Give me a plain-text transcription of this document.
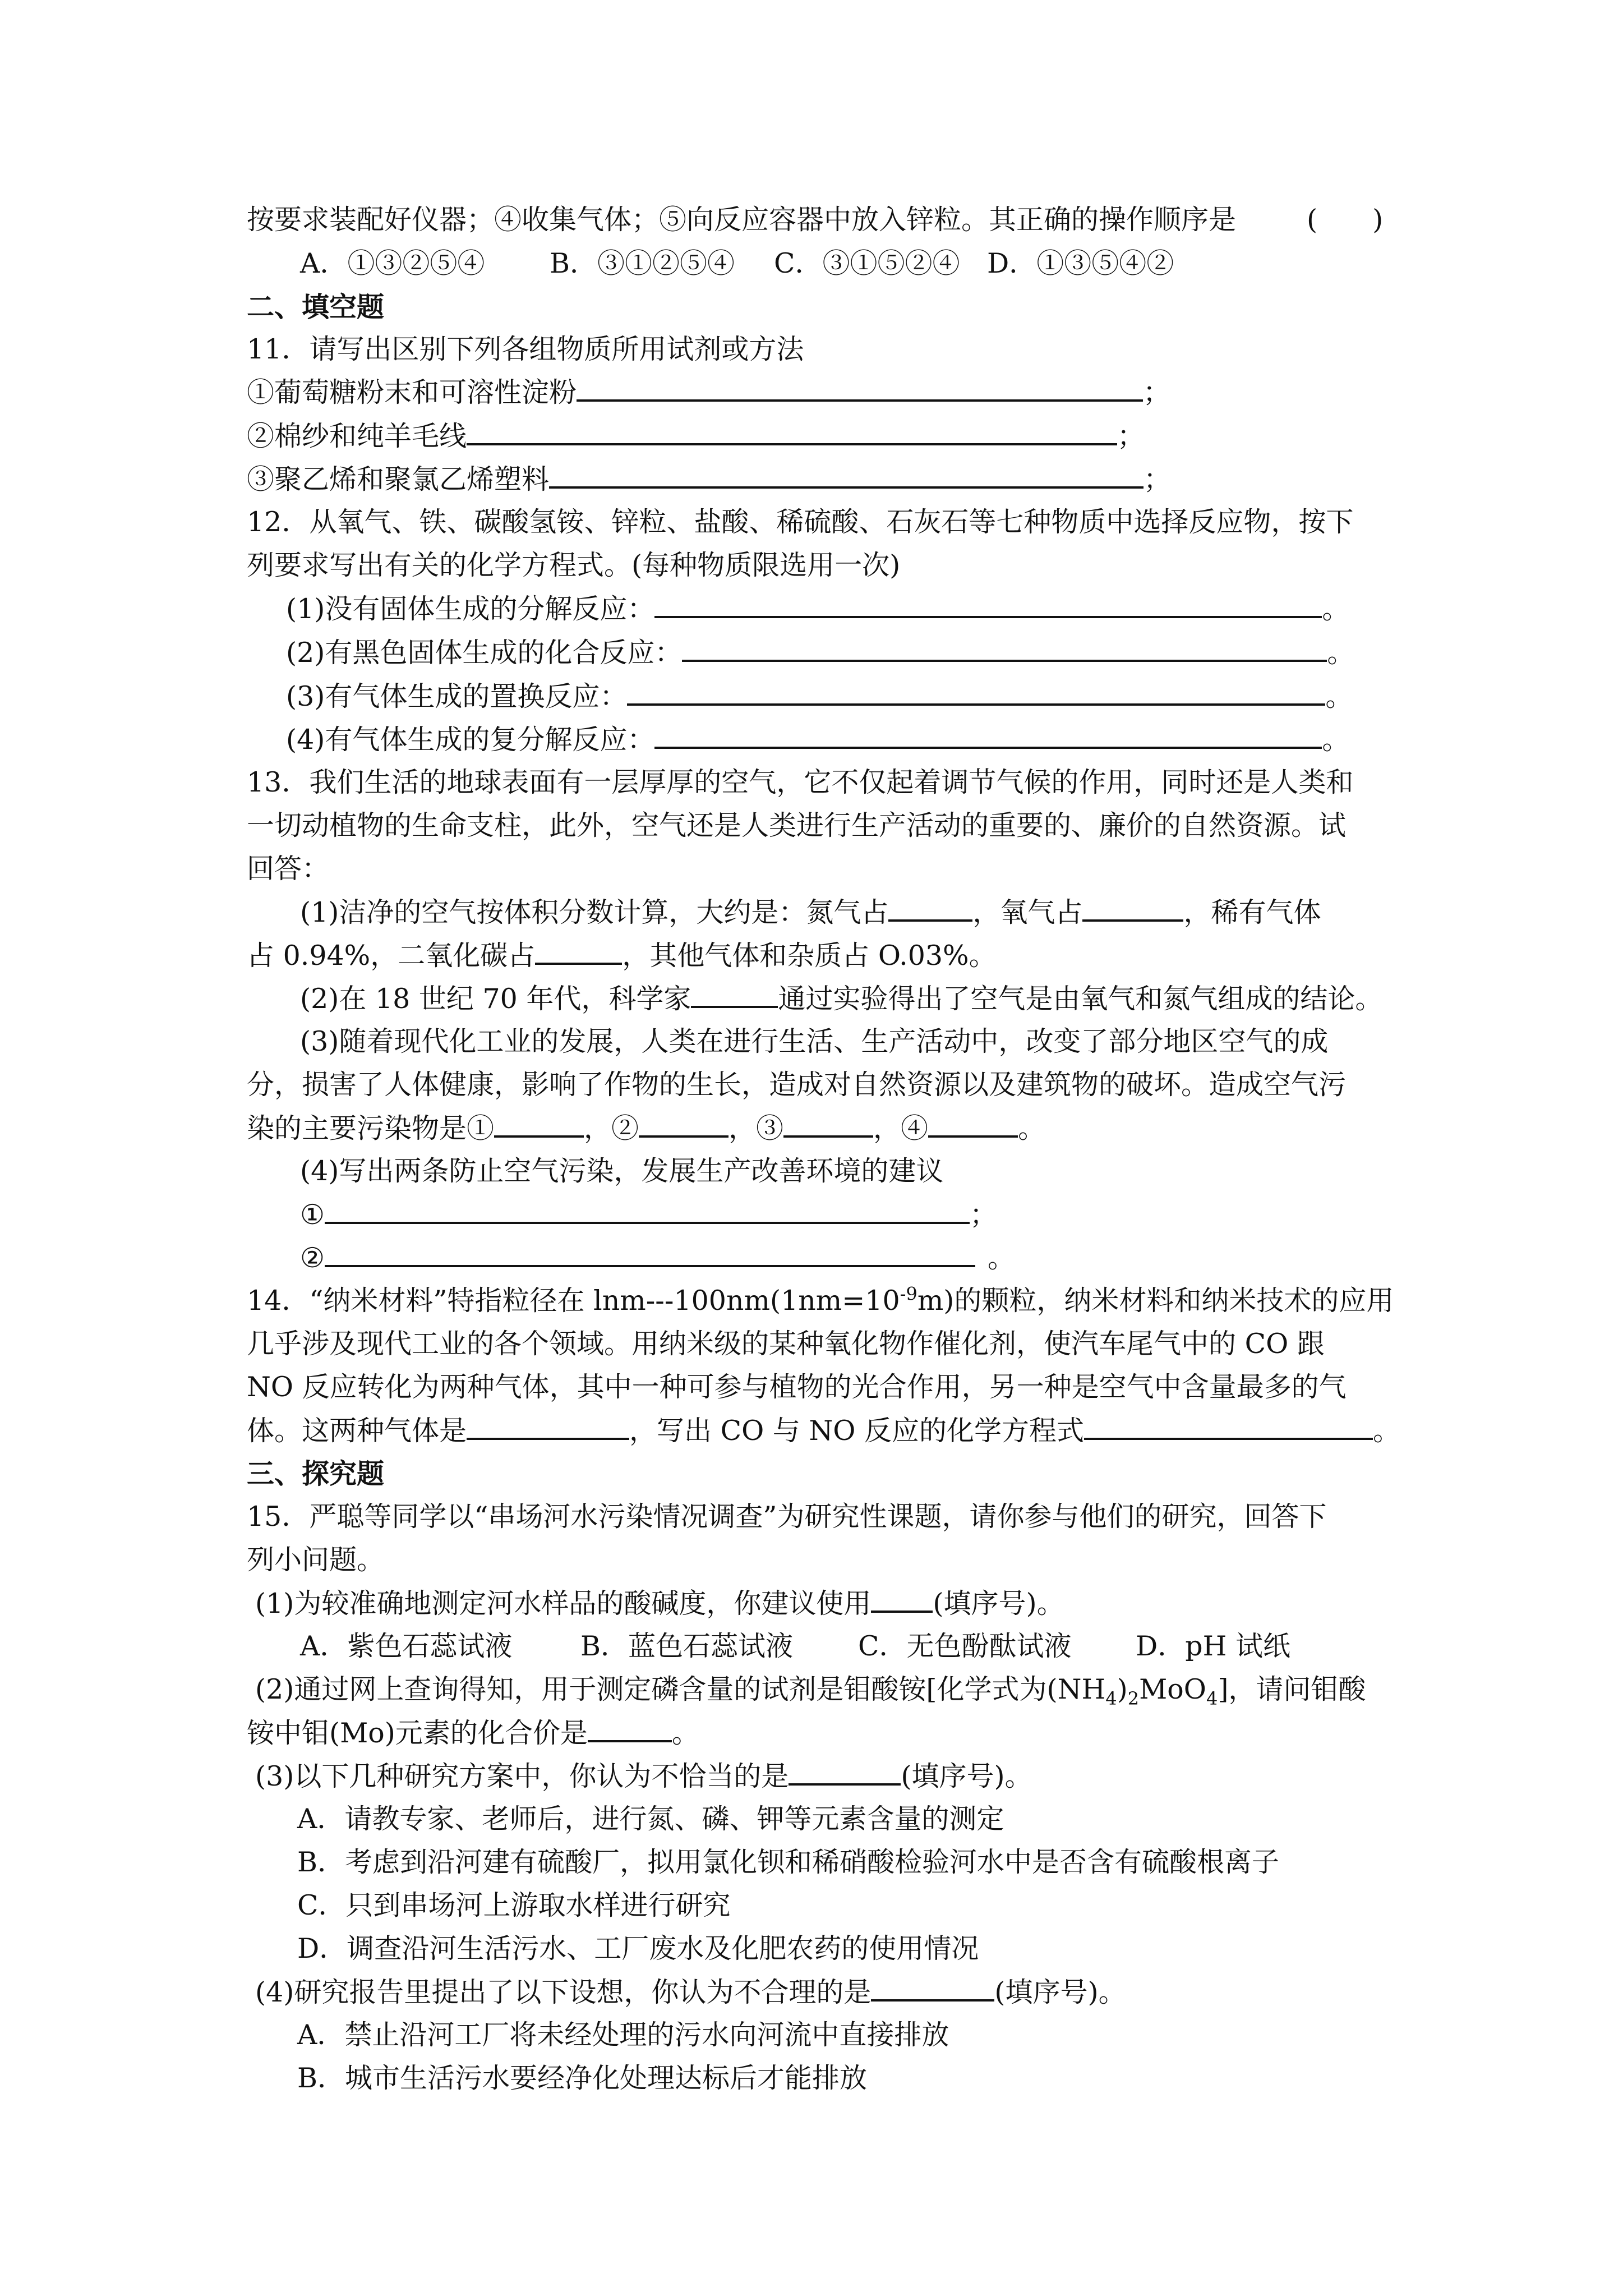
按要求装配好仪器；④收集气体；⑤向反应容器中放入锌粒。其正确的操作顺序是	(　　)
A．①③②⑤④ B．③①②⑤④ C．③①⑤②④ D．①③⑤④②
二、填空题
11．请写出区别下列各组物质所用试剂或方法
①葡萄糖粉末和可溶性淀粉	；
②棉纱和纯羊毛线	；
③聚乙烯和聚氯乙烯塑料	；
12．从氧气、铁、碳酸氢铵、锌粒、盐酸、稀硫酸、石灰石等七种物质中选择反应物，按下
列要求写出有关的化学方程式。(每种物质限选用一次)
(1)没有固体生成的分解反应：	。
(2)有黑色固体生成的化合反应：	。
(3)有气体生成的置换反应：	。
(4)有气体生成的复分解反应：	。
13．我们生活的地球表面有一层厚厚的空气，它不仅起着调节气候的作用，同时还是人类和
一切动植物的生命支柱，此外，空气还是人类进行生产活动的重要的、廉价的自然资源。试
回答：
(1)洁净的空气按体积分数计算，大约是：氮气占	，氧气占	，稀有气体
占 0.94%，二氧化碳占	，其他气体和杂质占 O.03%。
(2)在 18 世纪 70 年代，科学家	通过实验得出了空气是由氧气和氮气组成的结论。
(3)随着现代化工业的发展，人类在进行生活、生产活动中，改变了部分地区空气的成
分，损害了人体健康，影响了作物的生长，造成对自然资源以及建筑物的破坏。造成空气污
染的主要污染物是①	，②	，③	，④	。
(4)写出两条防止空气污染，发展生产改善环境的建议
①	；
②	。
14．“纳米材料”特指粒径在 lnm-$--100nm(1nm=10^{-9}m)$的颗粒，纳米材料和纳米技术的应用
几乎涉及现代工业的各个领域。用纳米级的某种氧化物作催化剂，使汽车尾气中的 CO 跟
NO 反应转化为两种气体，其中一种可参与植物的光合作用，另一种是空气中含量最多的气
体。这两种气体是	，写出 CO 与 NO 反应的化学方程式	。
三、探究题
15．严聪等同学以“串场河水污染情况调查”为研究性课题，请你参与他们的研究，回答下
列小问题。
(1)为较准确地测定河水样品的酸碱度，你建议使用 (填序号)。
A．紫色石蕊试液 B．蓝色石蕊试液 C．无色酚酞试液 D．pH 试纸
(2)通过网上查询得知，用于测定磷含量的试剂是钼酸铵[化学式为$(NH_4)_2MoO_4$]，请问钼酸
铵中钼(Mo)元素的化合价是	。
(3)以下几种研究方案中，你认为不恰当的是	(填序号)。
A．请教专家、老师后，进行氮、磷、钾等元素含量的测定
B．考虑到沿河建有硫酸厂，拟用氯化钡和稀硝酸检验河水中是否含有硫酸根离子
C．只到串场河上游取水样进行研究
D．调查沿河生活污水、工厂废水及化肥农药的使用情况
(4)研究报告里提出了以下设想，你认为不合理的是	(填序号)。
A．禁止沿河工厂将未经处理的污水向河流中直接排放
B．城市生活污水要经净化处理达标后才能排放
